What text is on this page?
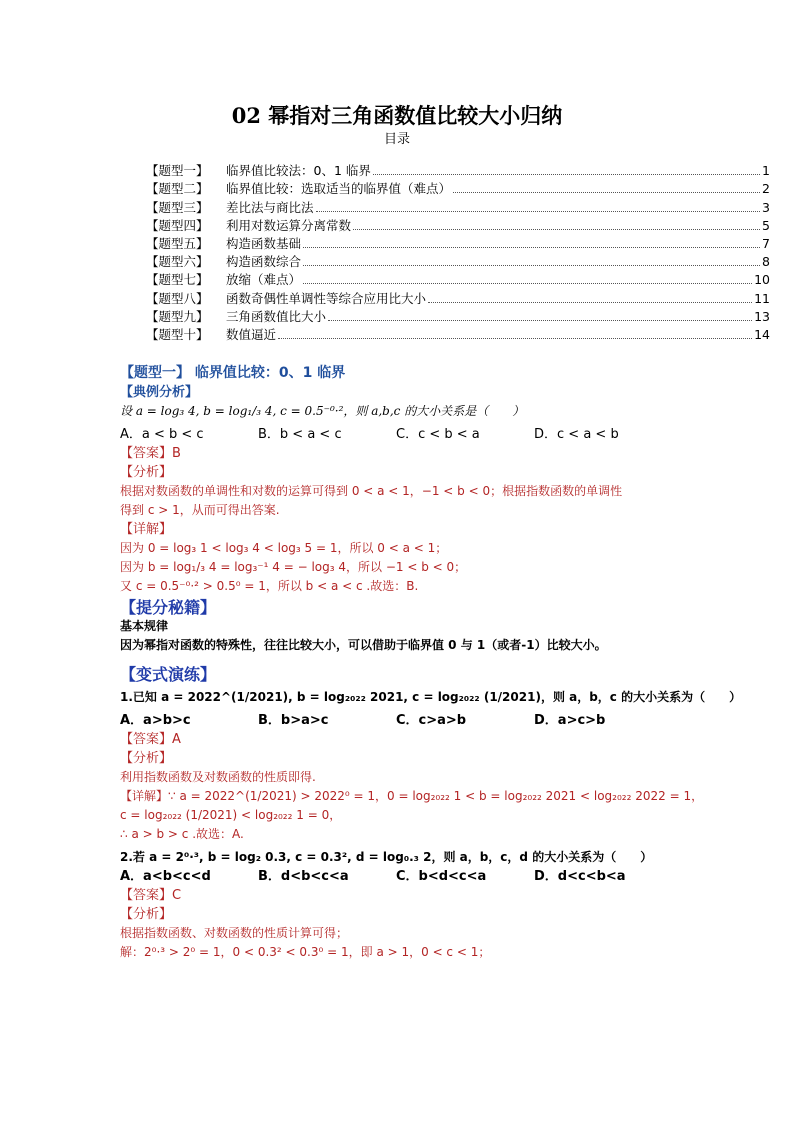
02 幂指对三角函数值比较大小归纳
目录
【题型一】	临界值比较法：0、1 临界	1
【题型二】	临界值比较：选取适当的临界值（难点）	2
【题型三】	差比法与商比法	3
【题型四】	利用对数运算分离常数	5
【题型五】	构造函数基础	7
【题型六】	构造函数综合	8
【题型七】	放缩（难点）	10
【题型八】	函数奇偶性单调性等综合应用比大小	11
【题型九】	三角函数值比大小	13
【题型十】	数值逼近	14
【题型一】 临界值比较：0、1 临界
【典例分析】
设 a = log₃ 4, b = log₁/₃ 4, c = 0.5⁻⁰·²，则 a,b,c 的大小关系是（　　）
A．a < b < c	B．b < a < c	C．c < b < a	D．c < a < b
【答案】B
【分析】
根据对数函数的单调性和对数的运算可得到 0 < a < 1，−1 < b < 0；根据指数函数的单调性
得到 c > 1，从而可得出答案.
【详解】
因为 0 = log₃ 1 < log₃ 4 < log₃ 5 = 1，所以 0 < a < 1；
因为 b = log₁/₃ 4 = log₃⁻¹ 4 = − log₃ 4，所以 −1 < b < 0；
又 c = 0.5⁻⁰·² > 0.5⁰ = 1，所以 b < a < c .故选：B.
【提分秘籍】
基本规律
因为幂指对函数的特殊性，往往比较大小，可以借助于临界值 0 与 1（或者-1）比较大小。
【变式演练】
1.已知 a = 2022^(1/2021), b = log₂₀₂₂ 2021, c = log₂₀₂₂ (1/2021)，则 a，b，c 的大小关系为（　　）
A．a>b>c	B．b>a>c	C．c>a>b	D．a>c>b
【答案】A
【分析】
利用指数函数及对数函数的性质即得.
【详解】∵ a = 2022^(1/2021) > 2022⁰ = 1，0 = log₂₀₂₂ 1 < b = log₂₀₂₂ 2021 < log₂₀₂₂ 2022 = 1，
c = log₂₀₂₂ (1/2021) < log₂₀₂₂ 1 = 0，
∴ a > b > c .故选：A.
2.若 a = 2⁰·³, b = log₂ 0.3, c = 0.3², d = log₀.₃ 2，则 a，b，c，d 的大小关系为（　　）
A．a<b<c<d	B．d<b<c<a	C．b<d<c<a	D．d<c<b<a
【答案】C
【分析】
根据指数函数、对数函数的性质计算可得；
解：2⁰·³ > 2⁰ = 1，0 < 0.3² < 0.3⁰ = 1，即 a > 1，0 < c < 1；
